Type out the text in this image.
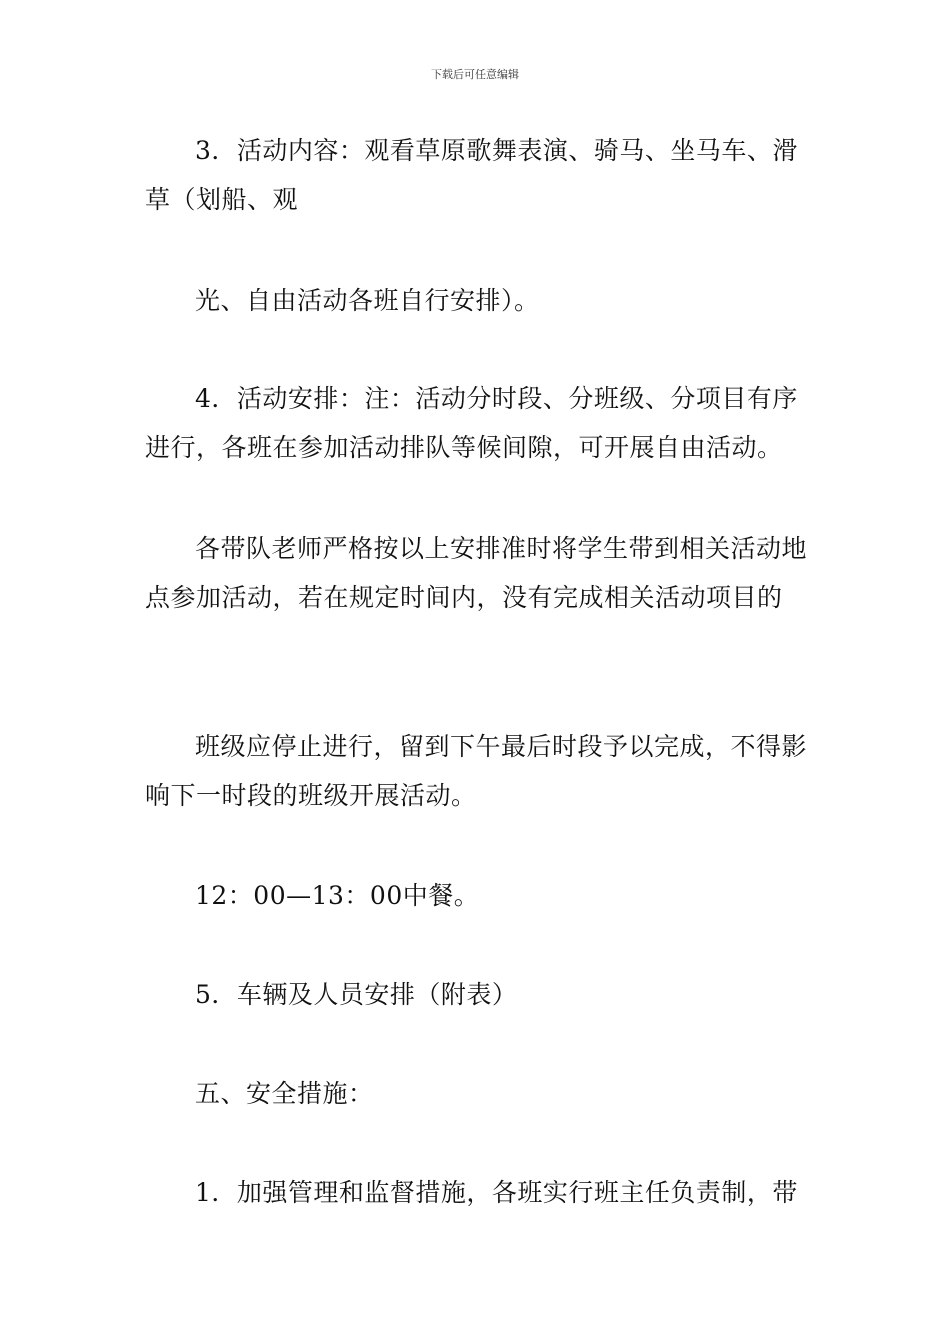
下载后可任意编辑

3．活动内容：观看草原歌舞表演、骑马、坐马车、滑草（划船、观

光、自由活动各班自行安排）。

4．活动安排：注：活动分时段、分班级、分项目有序进行，各班在参加活动排队等候间隙，可开展自由活动。

各带队老师严格按以上安排准时将学生带到相关活动地点参加活动，若在规定时间内，没有完成相关活动项目的

班级应停止进行，留到下午最后时段予以完成，不得影响下一时段的班级开展活动。

12：00—13：00中餐。

5．车辆及人员安排（附表）

五、安全措施：

1．加强管理和监督措施，各班实行班主任负责制，带
